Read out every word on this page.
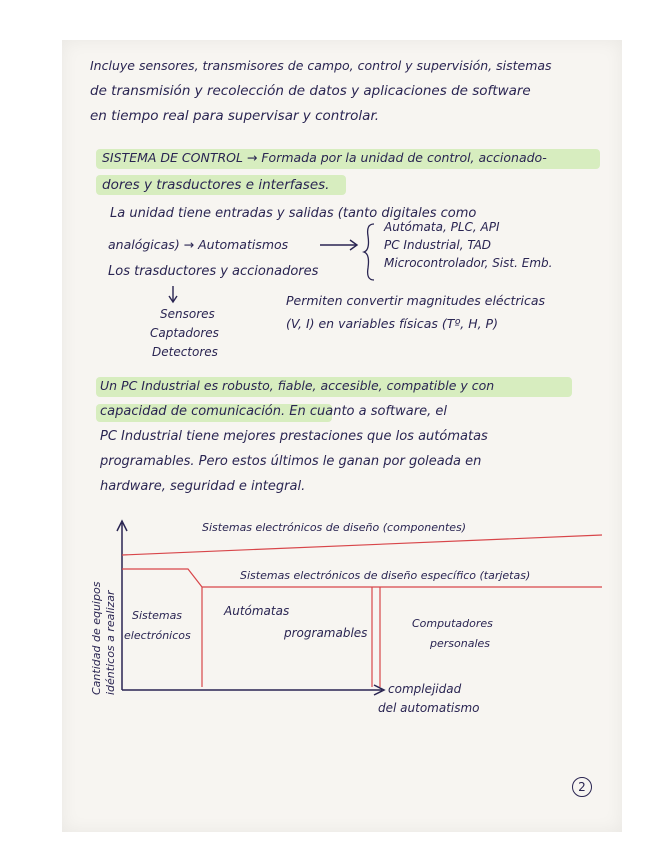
Incluye sensores, transmisores de campo, control y supervisión, sistemas
de transmisión y recolección de datos y aplicaciones de software
en tiempo real para supervisar y controlar.
SISTEMA DE CONTROL → Formada por la unidad de control, accionado-
dores y trasductores e interfases.
La unidad tiene entradas y salidas (tanto digitales como
analógicas) → Automatismos
Autómata, PLC, API
PC Industrial, TAD
Microcontrolador, Sist. Emb.
Los trasductores y accionadores
Sensores
Captadores
Detectores
Permiten convertir magnitudes eléctricas
(V, I) en variables físicas (Tº, H, P)
Un PC Industrial es robusto, fiable, accesible, compatible y con
capacidad de comunicación. En cuanto a software, el
PC Industrial tiene mejores prestaciones que los autómatas
programables. Pero estos últimos le ganan por goleada en
hardware, seguridad e integral.
Cantidad de equipos idénticos a realizar
Sistemas electrónicos de diseño (componentes)
Sistemas electrónicos de diseño específico (tarjetas)
Sistemas
electrónicos
Autómatas
programables
Computadores
personales
complejidad
del automatismo
2
